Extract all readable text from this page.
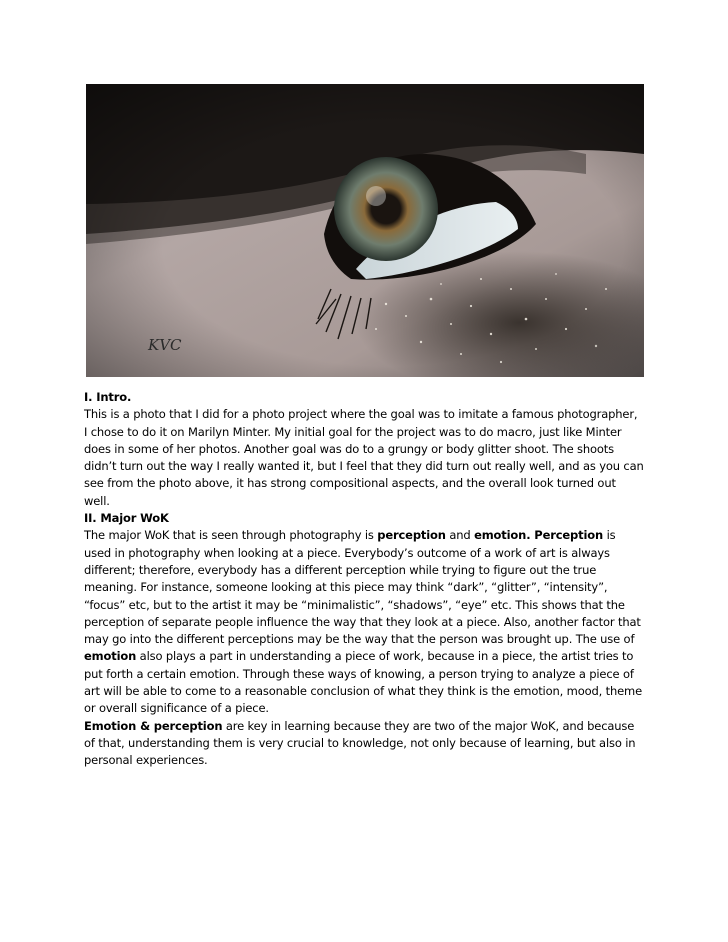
KVC

I. Intro.

This is a photo that I did for a photo project where the goal was to imitate a famous photographer, I chose to do it on Marilyn Minter. My initial goal for the project was to do macro, just like Minter does in some of her photos. Another goal was do to a grungy or body glitter shoot. The shoots didn’t turn out the way I really wanted it, but I feel that they did turn out really well, and as you can see from the photo above, it has strong compositional aspects, and the overall look turned out well.

II. Major WoK

The major WoK that is seen through photography is perception and emotion. Perception is used in photography when looking at a piece. Everybody’s outcome of a work of art is always different; therefore, everybody has a different perception while trying to figure out the true meaning. For instance, someone looking at this piece may think “dark”, “glitter”, “intensity”, “focus” etc, but to the artist it may be “minimalistic”, “shadows”, “eye” etc. This shows that the perception of separate people influence the way that they look at a piece. Also, another factor that may go into the different perceptions may be the way that the person was brought up. The use of emotion also plays a part in understanding a piece of work, because in a piece, the artist tries to put forth a certain emotion. Through these ways of knowing, a person trying to analyze a piece of art will be able to come to a reasonable conclusion of what they think is the emotion, mood, theme or overall significance of a piece.

Emotion & perception are key in learning because they are two of the major WoK, and because of that, understanding them is very crucial to knowledge, not only because of learning, but also in personal experiences.
